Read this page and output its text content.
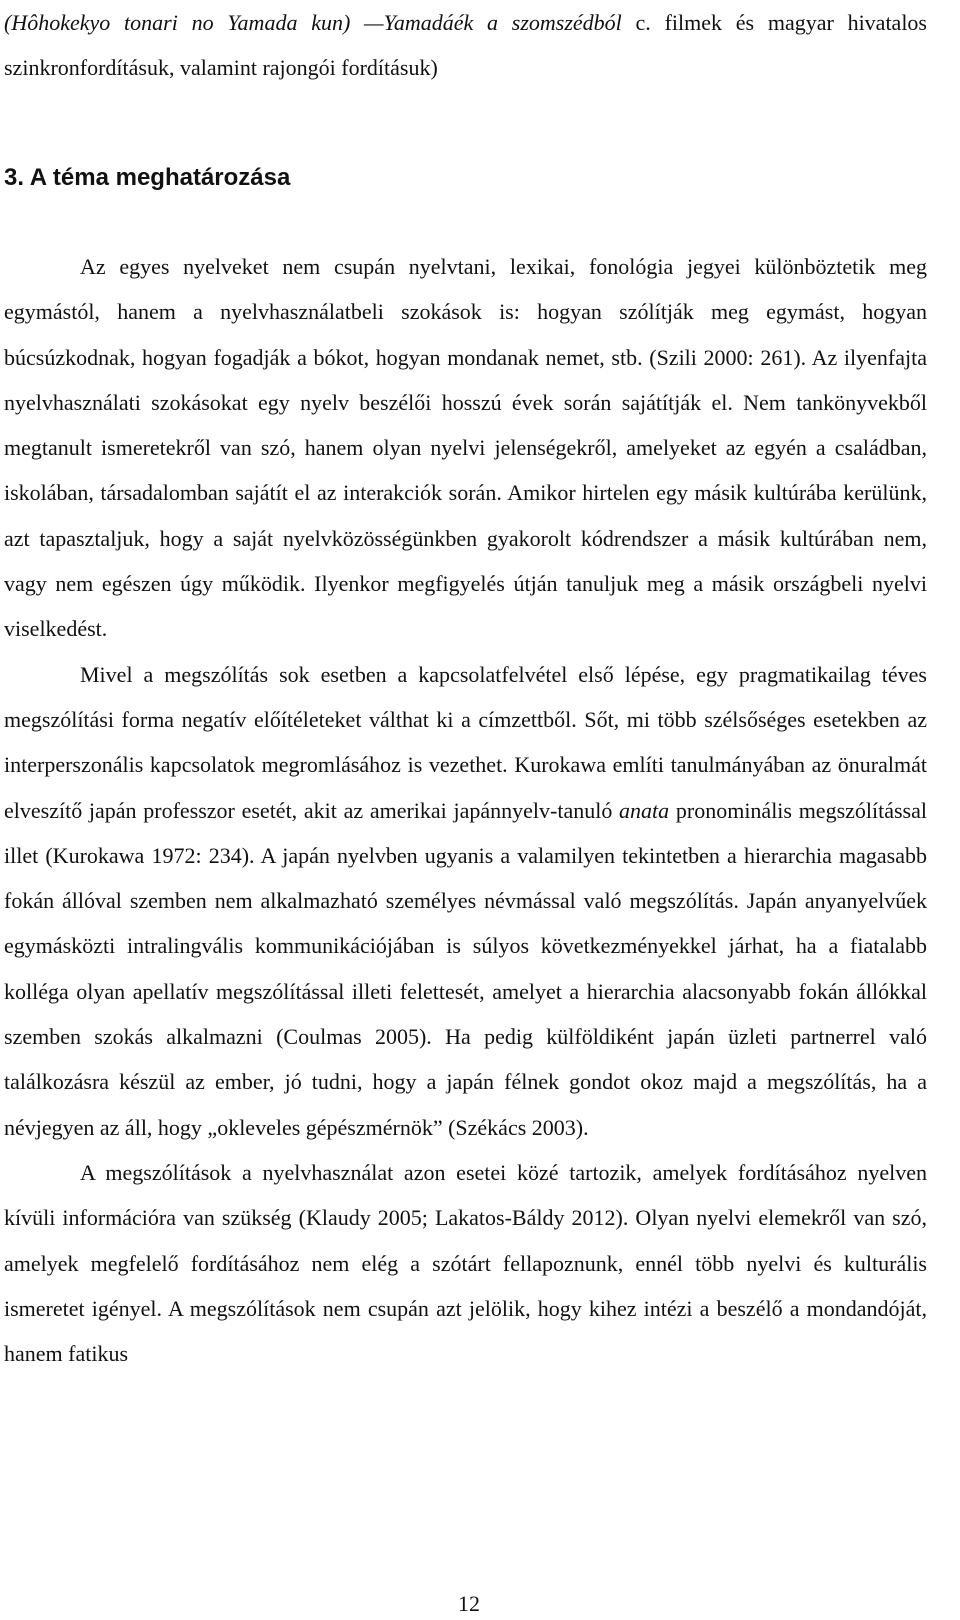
(Hôhokekyo tonari no Yamada kun) —Yamadáék a szomszédból c. filmek és magyar hivatalos szinkronfordításuk, valamint rajongói fordításuk)
3. A téma meghatározása

Az egyes nyelveket nem csupán nyelvtani, lexikai, fonológia jegyei különböztetik meg egymástól, hanem a nyelvhasználatbeli szokások is: hogyan szólítják meg egymást, hogyan búcsúzkodnak, hogyan fogadják a bókot, hogyan mondanak nemet, stb. (Szili 2000: 261). Az ilyenfajta nyelvhasználati szokásokat egy nyelv beszélői hosszú évek során sajátítják el. Nem tankönyvekből megtanult ismeretekről van szó, hanem olyan nyelvi jelenségekről, amelyeket az egyén a családban, iskolában, társadalomban sajátít el az interakciók során. Amikor hirtelen egy másik kultúrába kerülünk, azt tapasztaljuk, hogy a saját nyelvközösségünkben gyakorolt kódrendszer a másik kultúrában nem, vagy nem egészen úgy működik. Ilyenkor megfigyelés útján tanuljuk meg a másik országbeli nyelvi viselkedést.

Mivel a megszólítás sok esetben a kapcsolatfelvétel első lépése, egy pragmatikailag téves megszólítási forma negatív előítéleteket válthat ki a címzettből. Sőt, mi több szélsőséges esetekben az interperszonális kapcsolatok megromlásához is vezethet. Kurokawa említi tanulmányában az önuralmát elveszítő japán professzor esetét, akit az amerikai japánnyelv-tanuló anata pronominális megszólítással illet (Kurokawa 1972: 234). A japán nyelvben ugyanis a valamilyen tekintetben a hierarchia magasabb fokán állóval szemben nem alkalmazható személyes névmással való megszólítás. Japán anyanyelvűek egymásközti intralingvális kommunikációjában is súlyos következményekkel járhat, ha a fiatalabb kolléga olyan apellatív megszólítással illeti felettesét, amelyet a hierarchia alacsonyabb fokán állókkal szemben szokás alkalmazni (Coulmas 2005). Ha pedig külföldiként japán üzleti partnerrel való találkozásra készül az ember, jó tudni, hogy a japán félnek gondot okoz majd a megszólítás, ha a névjegyen az áll, hogy „okleveles gépészmérnök” (Székács 2003).

A megszólítások a nyelvhasználat azon esetei közé tartozik, amelyek fordításához nyelven kívüli információra van szükség (Klaudy 2005; Lakatos-Báldy 2012). Olyan nyelvi elemekről van szó, amelyek megfelelő fordításához nem elég a szótárt fellapoznunk, ennél több nyelvi és kulturális ismeretet igényel. A megszólítások nem csupán azt jelölik, hogy kihez intézi a beszélő a mondandóját, hanem fatikus

12
